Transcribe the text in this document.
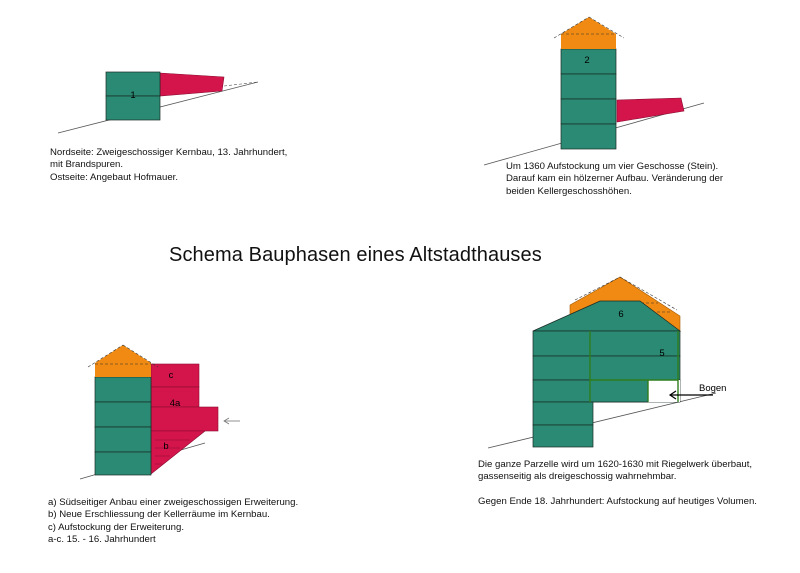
1
2
c
4a
b
6
5
Bogen
Schema Bauphasen eines Altstadthauses

Nordseite: Zweigeschossiger Kernbau, 13. Jahrhundert,
mit Brandspuren.
Ostseite: Angebaut Hofmauer.

Um 1360 Aufstockung um vier Geschosse (Stein).
Darauf kam ein hölzerner Aufbau. Veränderung der
beiden Kellergeschosshöhen.

a) Südseitiger Anbau einer zweigeschossigen Erweiterung.
b) Neue Erschliessung der Kellerräume im Kernbau.
c) Aufstockung der Erweiterung.
a-c. 15. - 16. Jahrhundert

Die ganze Parzelle wird um 1620-1630 mit Riegelwerk überbaut,
gassenseitig als dreigeschossig wahrnehmbar.
Gegen Ende 18. Jahrhundert: Aufstockung auf heutiges Volumen.
